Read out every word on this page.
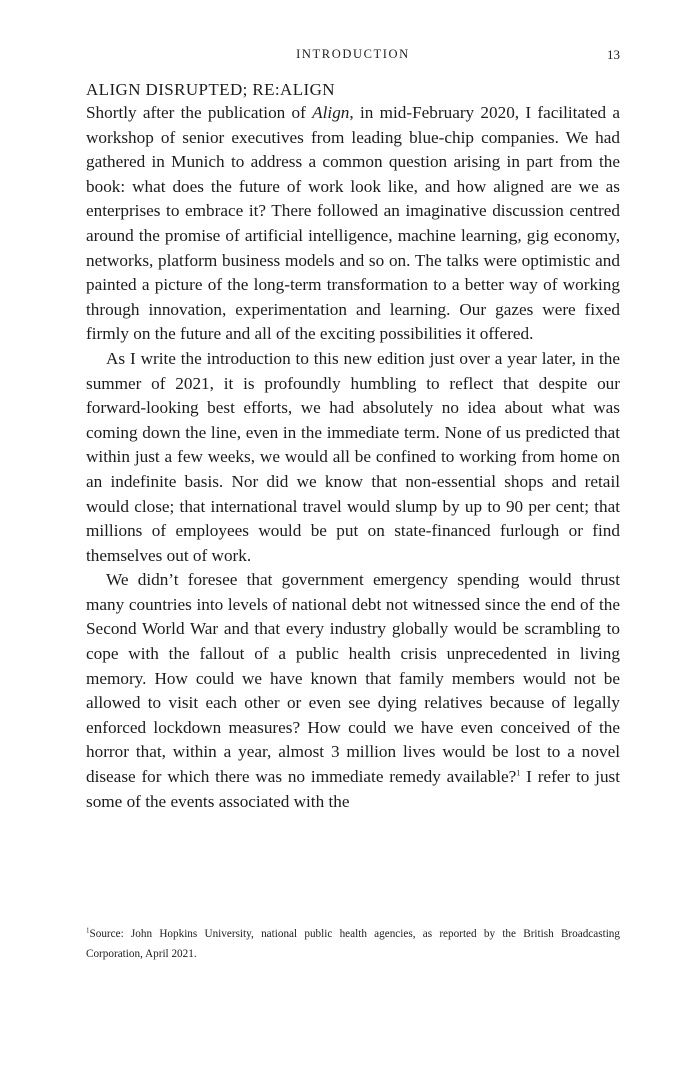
INTRODUCTION	13
ALIGN DISRUPTED; RE:ALIGN

Shortly after the publication of Align, in mid-February 2020, I facilitated a workshop of senior executives from leading blue-chip companies. We had gathered in Munich to address a common question arising in part from the book: what does the future of work look like, and how aligned are we as enterprises to embrace it? There followed an imaginative discussion centred around the promise of artificial intelligence, machine learning, gig economy, networks, platform business models and so on. The talks were optimistic and painted a picture of the long-term transformation to a better way of working through innovation, experimentation and learning. Our gazes were fixed firmly on the future and all of the exciting possibilities it offered.

As I write the introduction to this new edition just over a year later, in the summer of 2021, it is profoundly humbling to reflect that despite our forward-looking best efforts, we had absolutely no idea about what was coming down the line, even in the immediate term. None of us predicted that within just a few weeks, we would all be confined to working from home on an indefinite basis. Nor did we know that non-essential shops and retail would close; that international travel would slump by up to 90 per cent; that millions of employees would be put on state-financed furlough or find themselves out of work.

We didn’t foresee that government emergency spending would thrust many countries into levels of national debt not witnessed since the end of the Second World War and that every industry globally would be scrambling to cope with the fallout of a public health crisis unprecedented in living memory. How could we have known that family members would not be allowed to visit each other or even see dying relatives because of legally enforced lockdown measures? How could we have even conceived of the horror that, within a year, almost 3 million lives would be lost to a novel disease for which there was no immediate remedy available?$^1$ I refer to just some of the events associated with the

$^1$Source: John Hopkins University, national public health agencies, as reported by the British Broadcasting Corporation, April 2021.
